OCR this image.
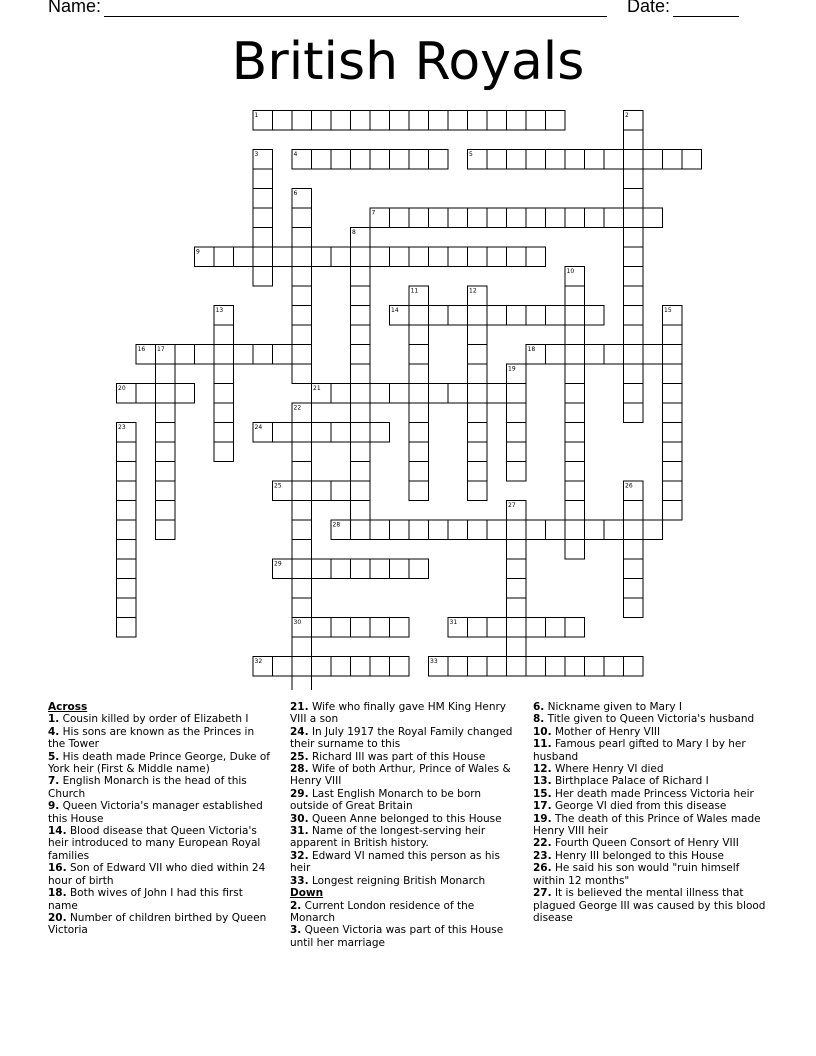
Name:	Date:
British Royals
1	2
3	4	5
6
7
8
9
10
11	12
13	14	15
16 17	18
19
20	21
22
30
23	24
25	26
27
28
29
31
32	33
Across
1. Cousin killed by order of Elizabeth I
4. His sons are known as the Princes in the Tower
5. His death made Prince George, Duke of York heir (First & Middle name)
7. English Monarch is the head of this Church
9. Queen Victoria's manager established this House
14. Blood disease that Queen Victoria's heir introduced to many European Royal families
16. Son of Edward VII who died within 24 hour of birth
18. Both wives of John I had this first name
20. Number of children birthed by Queen Victoria
21. Wife who finally gave HM King Henry VIII a son
24. In July 1917 the Royal Family changed their surname to this
25. Richard III was part of this House
28. Wife of both Arthur, Prince of Wales & Henry VIII
29. Last English Monarch to be born outside of Great Britain
30. Queen Anne belonged to this House
31. Name of the longest-serving heir apparent in British history.
32. Edward VI named this person as his heir
33. Longest reigning British Monarch
Down
2. Current London residence of the Monarch
3. Queen Victoria was part of this House until her marriage
6. Nickname given to Mary I
8. Title given to Queen Victoria's husband
10. Mother of Henry VIII
11. Famous pearl gifted to Mary I by her husband
12. Where Henry VI died
13. Birthplace Palace of Richard I
15. Her death made Princess Victoria heir
17. George VI died from this disease
19. The death of this Prince of Wales made Henry VIII heir
22. Fourth Queen Consort of Henry VIII
23. Henry III belonged to this House
26. He said his son would "ruin himself within 12 months"
27. It is believed the mental illness that plagued George III was caused by this blood disease
